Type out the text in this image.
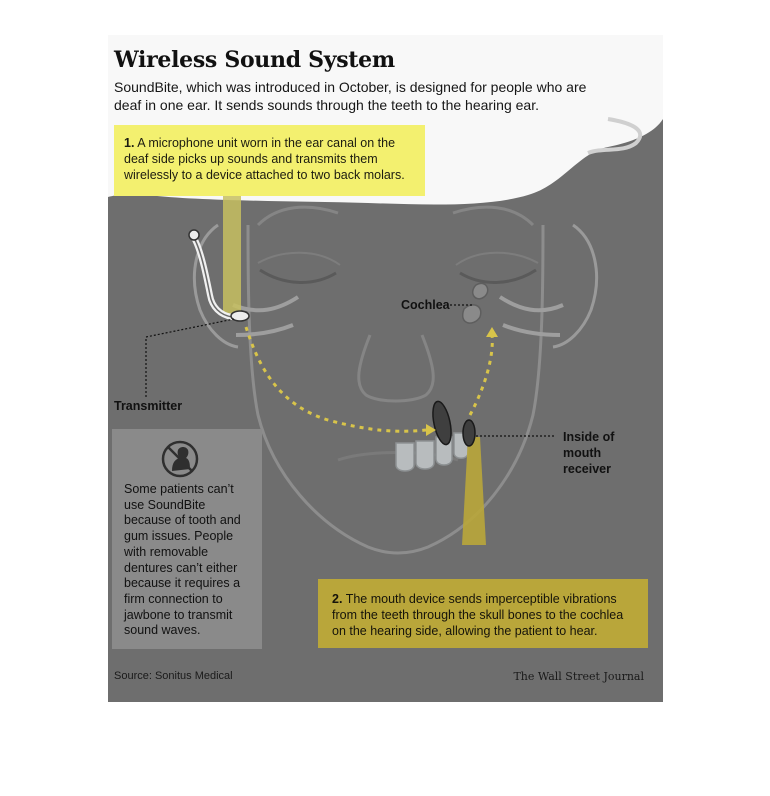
Wireless Sound System

SoundBite, which was introduced in October, is designed for people who are deaf in one ear. It sends sounds through the teeth to the hearing ear.

1. A microphone unit worn in the ear canal on the deaf side picks up sounds and transmits them wirelessly to a device attached to two back molars.
Transmitter
Cochlea
Inside of mouth receiver

Some patients can’t use SoundBite because of tooth and gum issues. People with removable dentures can’t either because it requires a firm connection to jawbone to transmit sound waves.

2. The mouth device sends imperceptible vibrations from the teeth through the skull bones to the cochlea on the hearing side, allowing the patient to hear.
Source: Sonitus Medical	The Wall Street Journal
